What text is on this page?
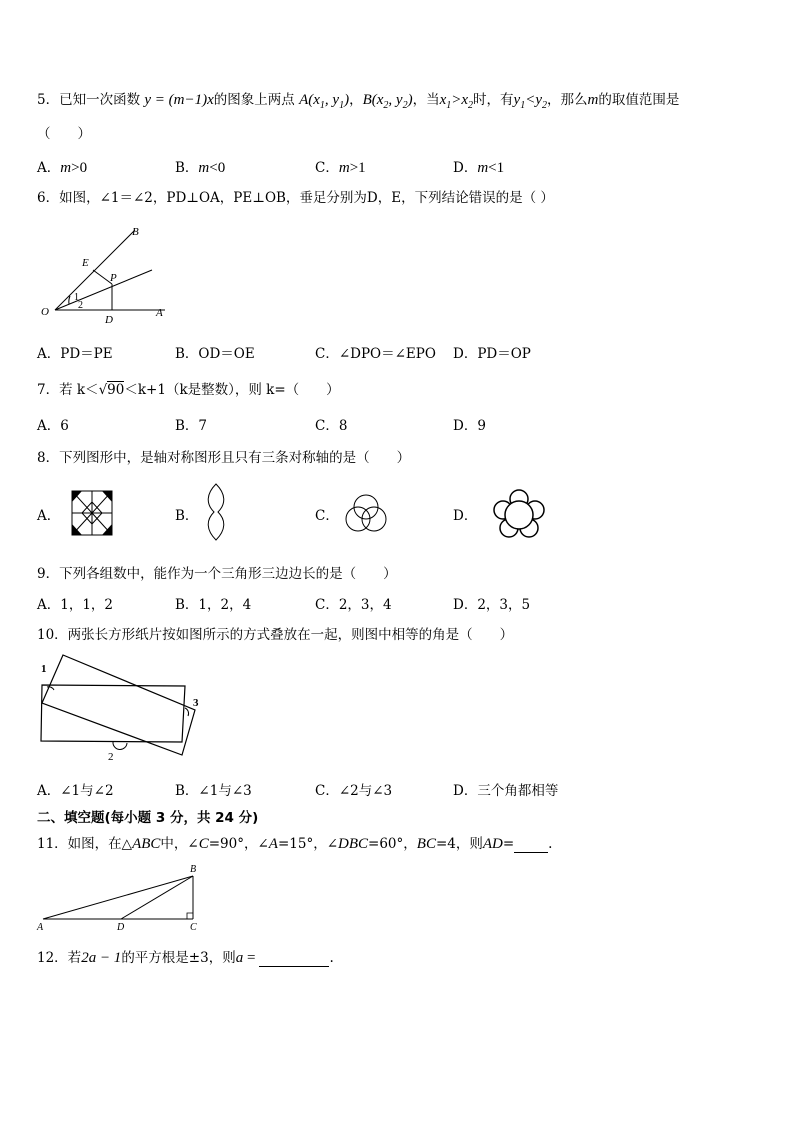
5．已知一次函数 y = (m−1)x的图象上两点 $A(x_1$, $y_1$)，$B(x_2$, $y_2$)，当$x_1>x_2$时，有$y_1<y_2$，那么m的取值范围是
（　　）
A．m>0	B．m<0	C．m>1	D．m<1
6．如图，∠1＝∠2，PD⊥OA，PE⊥OB，垂足分别为D，E，下列结论错误的是（ ）
B
E
P
O
D
A
1
2
A．PD＝PE	B．OD＝OE	C．∠DPO＝∠EPO D．PD＝OP
7．若 k＜√90＜k+1（k是整数），则 k=（　　）
A．6	B．7	C．8	D．9
8．下列图形中，是轴对称图形且只有三条对称轴的是（　　）
A．	B．	C．	D．
9．下列各组数中，能作为一个三角形三边边长的是（　　）
A．1，1，2	B．1，2，4	C．2，3，4	D．2，3，5
10．两张长方形纸片按如图所示的方式叠放在一起，则图中相等的角是（　　）
1
3
2
A．∠1与∠2	B．∠1与∠3	C．∠2与∠3	D．三个角都相等
二、填空题(每小题 3 分，共 24 分)
11．如图，在△ABC中，∠C=90°，∠A=15°，∠DBC=60°，BC=4，则AD=	.
B
A	D	C
12．若2a − 1的平方根是±3，则a =	.
